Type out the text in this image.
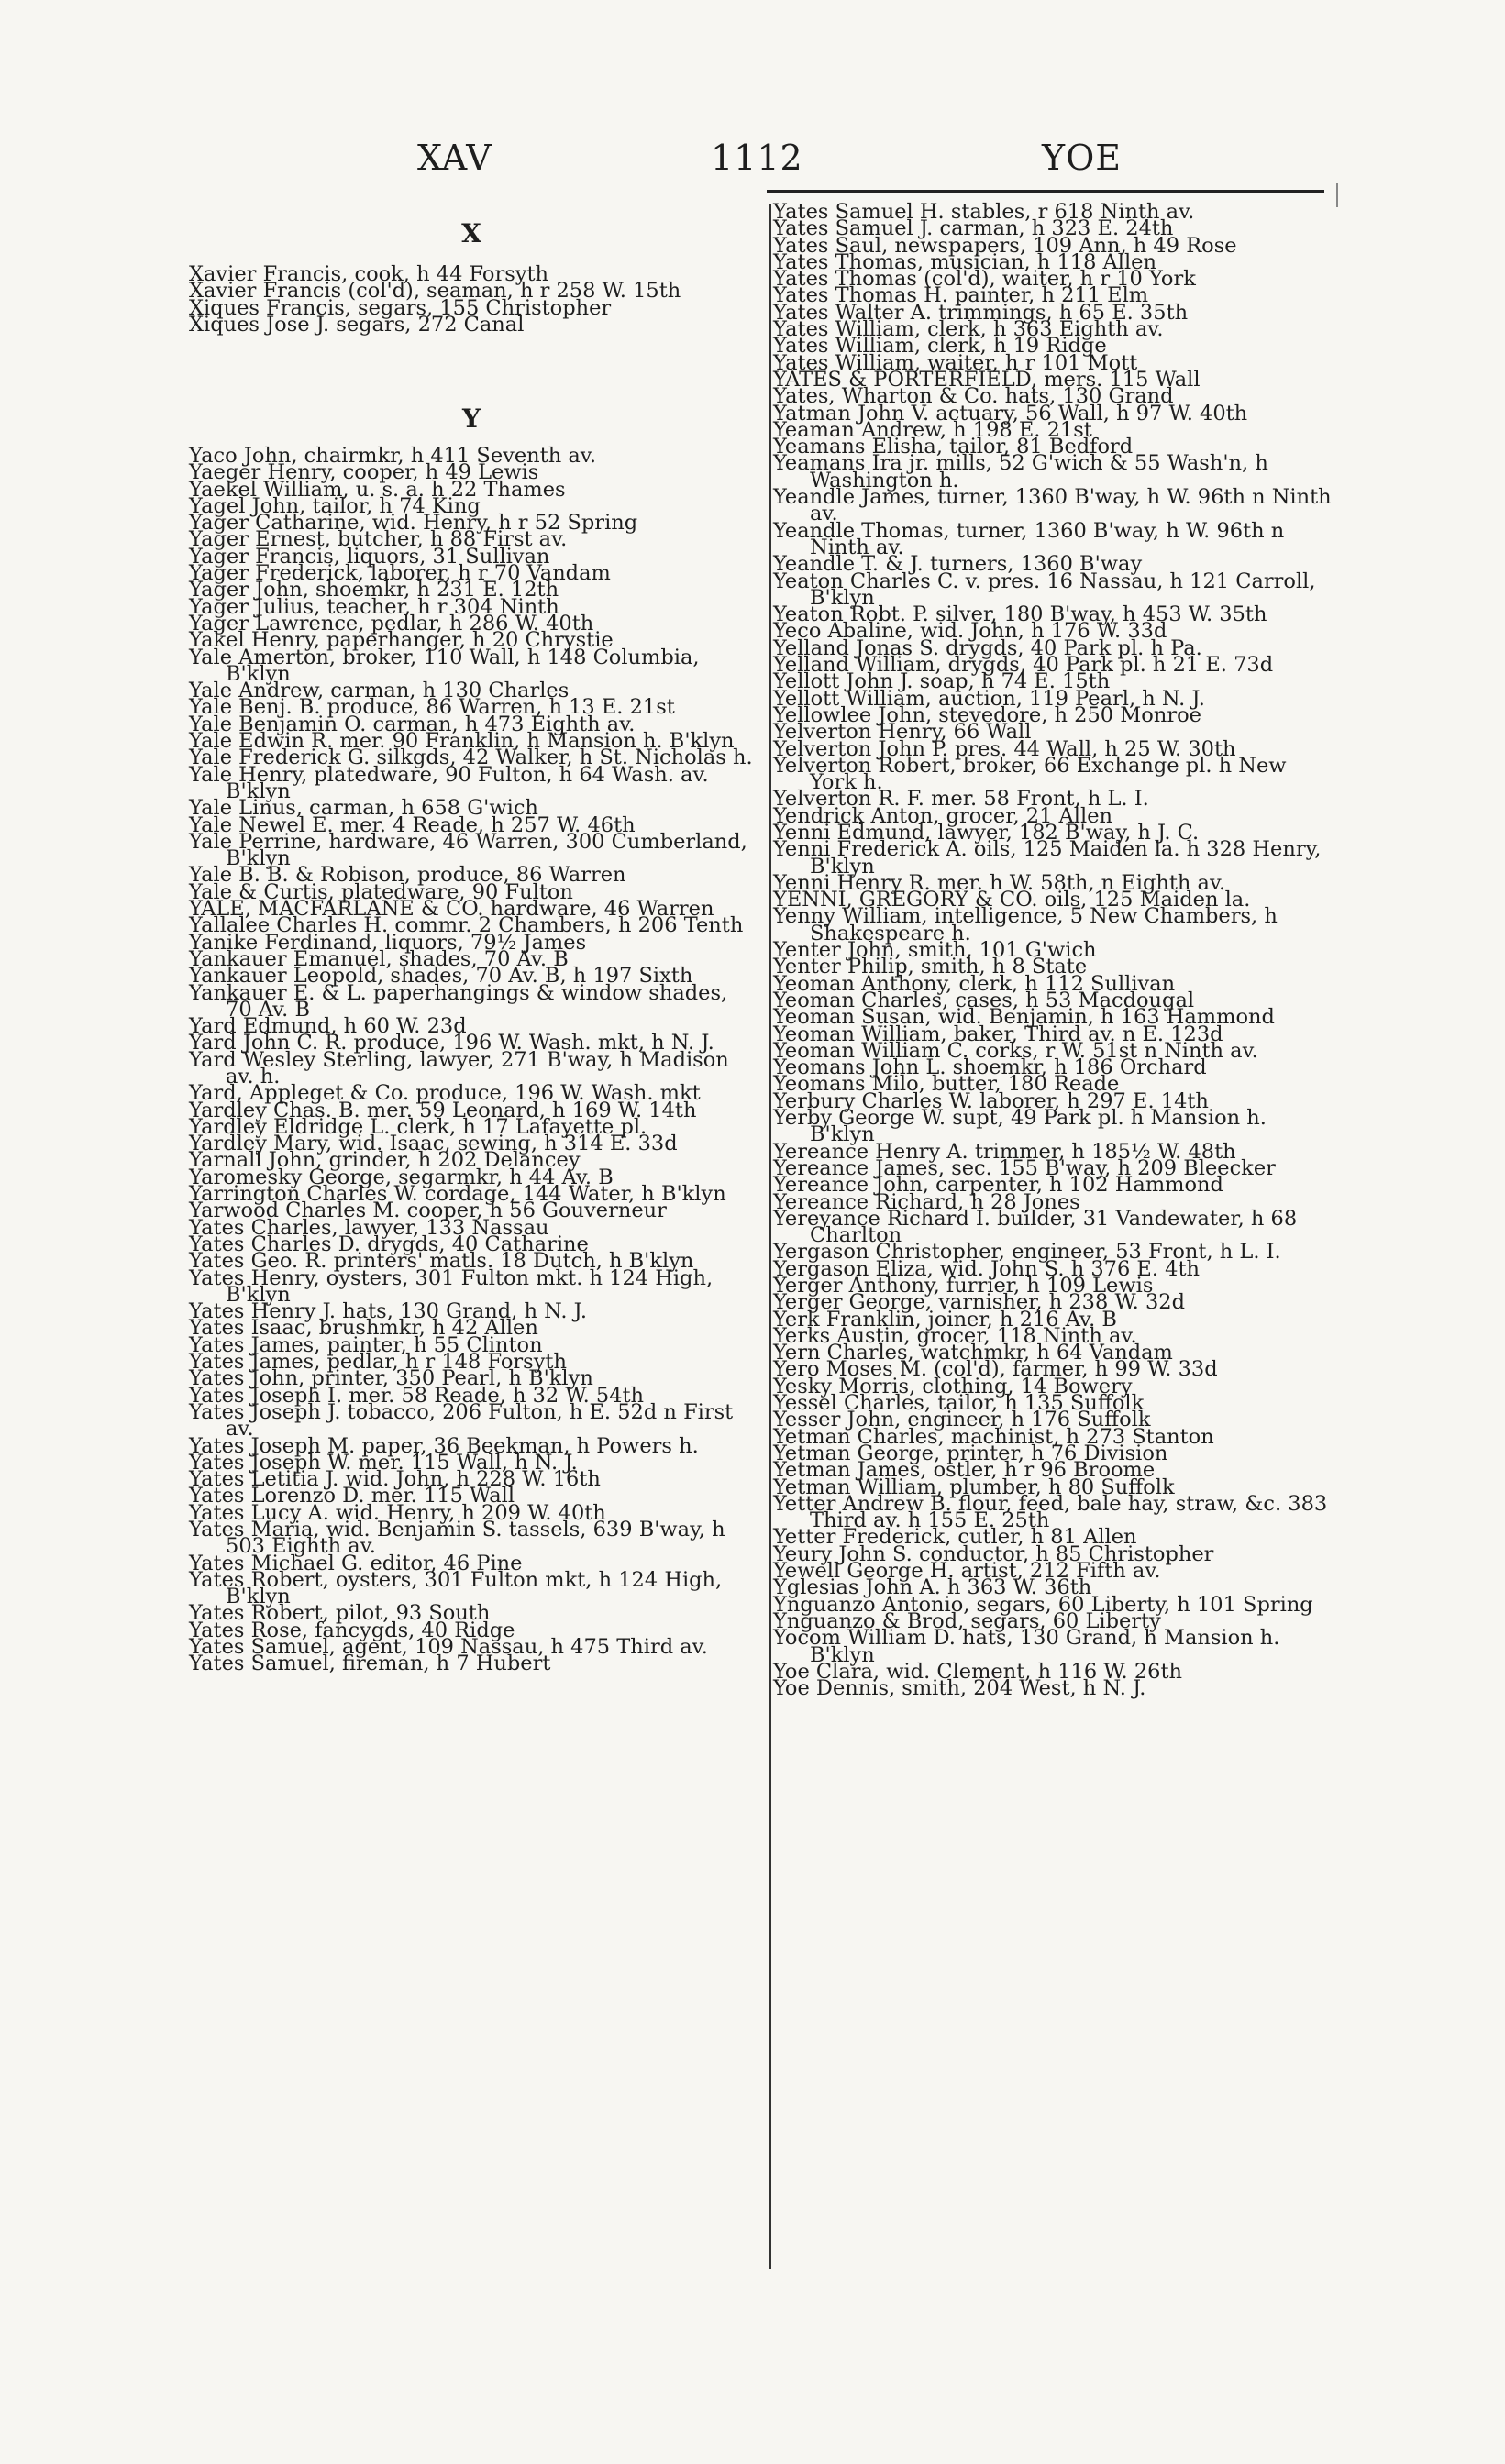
XAV	1112	YOE
X

Xavier Francis, cook, h 44 Forsyth

Xavier Francis (col'd), seaman, h r 258 W. 15th

Xiques Francis, segars, 155 Christopher

Xiques Jose J. segars, 272 Canal

Y

Yaco John, chairmkr, h 411 Seventh av.

Yaeger Henry, cooper, h 49 Lewis

Yaekel William, u. s. a. h 22 Thames

Yagel John, tailor, h 74 King

Yager Catharine, wid. Henry, h r 52 Spring

Yager Ernest, butcher, h 88 First av.

Yager Francis, liquors, 31 Sullivan

Yager Frederick, laborer, h r 70 Vandam

Yager John, shoemkr, h 231 E. 12th

Yager Julius, teacher, h r 304 Ninth

Yager Lawrence, pedlar, h 286 W. 40th

Yakel Henry, paperhanger, h 20 Chrystie

Yale Amerton, broker, 110 Wall, h 148 Columbia, B'klyn

Yale Andrew, carman, h 130 Charles

Yale Benj. B. produce, 86 Warren, h 13 E. 21st

Yale Benjamin O. carman, h 473 Eighth av.

Yale Edwin R. mer. 90 Franklin, h Mansion h. B'klyn

Yale Frederick G. silkgds, 42 Walker, h St. Nicholas h.

Yale Henry, platedware, 90 Fulton, h 64 Wash. av. B'klyn

Yale Linus, carman, h 658 G'wich

Yale Newel E. mer. 4 Reade, h 257 W. 46th

Yale Perrine, hardware, 46 Warren, 300 Cumberland, B'klyn

Yale B. B. & Robison, produce, 86 Warren

Yale & Curtis, platedware, 90 Fulton

YALE, MACFARLANE & CO. hardware, 46 Warren

Yallalee Charles H. commr. 2 Chambers, h 206 Tenth

Yanike Ferdinand, liquors, 79½ James

Yankauer Emanuel, shades, 70 Av. B

Yankauer Leopold, shades, 70 Av. B, h 197 Sixth

Yankauer E. & L. paperhangings & window shades, 70 Av. B

Yard Edmund, h 60 W. 23d

Yard John C. R. produce, 196 W. Wash. mkt, h N. J.

Yard Wesley Sterling, lawyer, 271 B'way, h Madison av. h.

Yard, Appleget & Co. produce, 196 W. Wash. mkt

Yardley Chas. B. mer. 59 Leonard, h 169 W. 14th

Yardley Eldridge L. clerk, h 17 Lafayette pl.

Yardley Mary, wid. Isaac, sewing, h 314 E. 33d

Yarnall John, grinder, h 202 Delancey

Yaromesky George, segarmkr, h 44 Av. B

Yarrington Charles W. cordage, 144 Water, h B'klyn

Yarwood Charles M. cooper, h 56 Gouverneur

Yates Charles, lawyer, 133 Nassau

Yates Charles D. drygds, 40 Catharine

Yates Geo. R. printers' matls. 18 Dutch, h B'klyn

Yates Henry, oysters, 301 Fulton mkt. h 124 High, B'klyn

Yates Henry J. hats, 130 Grand, h N. J.

Yates Isaac, brushmkr, h 42 Allen

Yates James, painter, h 55 Clinton

Yates James, pedlar, h r 148 Forsyth

Yates John, printer, 350 Pearl, h B'klyn

Yates Joseph I. mer. 58 Reade, h 32 W. 54th

Yates Joseph J. tobacco, 206 Fulton, h E. 52d n First av.

Yates Joseph M. paper, 36 Beekman, h Powers h.

Yates Joseph W. mer. 115 Wall, h N. J.

Yates Letitia J. wid. John, h 228 W. 16th

Yates Lorenzo D. mer. 115 Wall

Yates Lucy A. wid. Henry, h 209 W. 40th

Yates Maria, wid. Benjamin S. tassels, 639 B'way, h 503 Eighth av.

Yates Michael G. editor, 46 Pine

Yates Robert, oysters, 301 Fulton mkt, h 124 High, B'klyn

Yates Robert, pilot, 93 South

Yates Rose, fancygds, 40 Ridge

Yates Samuel, agent, 109 Nassau, h 475 Third av.

Yates Samuel, fireman, h 7 Hubert

Yates Samuel H. stables, r 618 Ninth av.

Yates Samuel J. carman, h 323 E. 24th

Yates Saul, newspapers, 109 Ann, h 49 Rose

Yates Thomas, musician, h 118 Allen

Yates Thomas (col'd), waiter, h r 10 York

Yates Thomas H. painter, h 211 Elm

Yates Walter A. trimmings, h 65 E. 35th

Yates William, clerk, h 363 Eighth av.

Yates William, clerk, h 19 Ridge

Yates William, waiter, h r 101 Mott

YATES & PORTERFIELD, mers. 115 Wall

Yates, Wharton & Co. hats, 130 Grand

Yatman John V. actuary, 56 Wall, h 97 W. 40th

Yeaman Andrew, h 198 E. 21st

Yeamans Elisha, tailor, 81 Bedford

Yeamans Ira jr. mills, 52 G'wich & 55 Wash'n, h Washington h.

Yeandle James, turner, 1360 B'way, h W. 96th n Ninth av.

Yeandle Thomas, turner, 1360 B'way, h W. 96th n Ninth av.

Yeandle T. & J. turners, 1360 B'way

Yeaton Charles C. v. pres. 16 Nassau, h 121 Carroll, B'klyn

Yeaton Robt. P. silver, 180 B'way, h 453 W. 35th

Yeco Abaline, wid. John, h 176 W. 33d

Yelland Jonas S. drygds, 40 Park pl. h Pa.

Yelland William, drygds, 40 Park pl. h 21 E. 73d

Yellott John J. soap, h 74 E. 15th

Yellott William, auction, 119 Pearl, h N. J.

Yellowlee John, stevedore, h 250 Monroe

Yelverton Henry, 66 Wall

Yelverton John P. pres. 44 Wall, h 25 W. 30th

Yelverton Robert, broker, 66 Exchange pl. h New York h.

Yelverton R. F. mer. 58 Front, h L. I.

Yendrick Anton, grocer, 21 Allen

Yenni Edmund, lawyer, 182 B'way, h J. C.

Yenni Frederick A. oils, 125 Maiden la. h 328 Henry, B'klyn

Yenni Henry R. mer. h W. 58th, n Eighth av.

YENNI, GREGORY & CO. oils, 125 Maiden la.

Yenny William, intelligence, 5 New Chambers, h Shakespeare h.

Yenter John, smith, 101 G'wich

Yenter Philip, smith, h 8 State

Yeoman Anthony, clerk, h 112 Sullivan

Yeoman Charles, cases, h 53 Macdougal

Yeoman Susan, wid. Benjamin, h 163 Hammond

Yeoman William, baker, Third av. n E. 123d

Yeoman William C. corks, r W. 51st n Ninth av.

Yeomans John L. shoemkr, h 186 Orchard

Yeomans Milo, butter, 180 Reade

Yerbury Charles W. laborer, h 297 E. 14th

Yerby George W. supt, 49 Park pl. h Mansion h. B'klyn

Yereance Henry A. trimmer, h 185½ W. 48th

Yereance James, sec. 155 B'way, h 209 Bleecker

Yereance John, carpenter, h 102 Hammond

Yereance Richard, h 28 Jones

Yereyance Richard I. builder, 31 Vandewater, h 68 Charlton

Yergason Christopher, engineer, 53 Front, h L. I.

Yergason Eliza, wid. John S. h 376 E. 4th

Yerger Anthony, furrier, h 109 Lewis

Yerger George, varnisher, h 238 W. 32d

Yerk Franklin, joiner, h 216 Av. B

Yerks Austin, grocer, 118 Ninth av.

Yern Charles, watchmkr, h 64 Vandam

Yero Moses M. (col'd), farmer, h 99 W. 33d

Yesky Morris, clothing, 14 Bowery

Yessel Charles, tailor, h 135 Suffolk

Yesser John, engineer, h 176 Suffolk

Yetman Charles, machinist, h 273 Stanton

Yetman George, printer, h 76 Division

Yetman James, ostler, h r 96 Broome

Yetman William, plumber, h 80 Suffolk

Yetter Andrew B. flour, feed, bale hay, straw, &c. 383 Third av. h 155 E. 25th

Yetter Frederick, cutler, h 81 Allen

Yeury John S. conductor, h 85 Christopher

Yewell George H. artist, 212 Fifth av.

Yglesias John A. h 363 W. 36th

Ynguanzo Antonio, segars, 60 Liberty, h 101 Spring

Ynguanzo & Brod, segars, 60 Liberty

Yocom William D. hats, 130 Grand, h Mansion h. B'klyn

Yoe Clara, wid. Clement, h 116 W. 26th

Yoe Dennis, smith, 204 West, h N. J.
